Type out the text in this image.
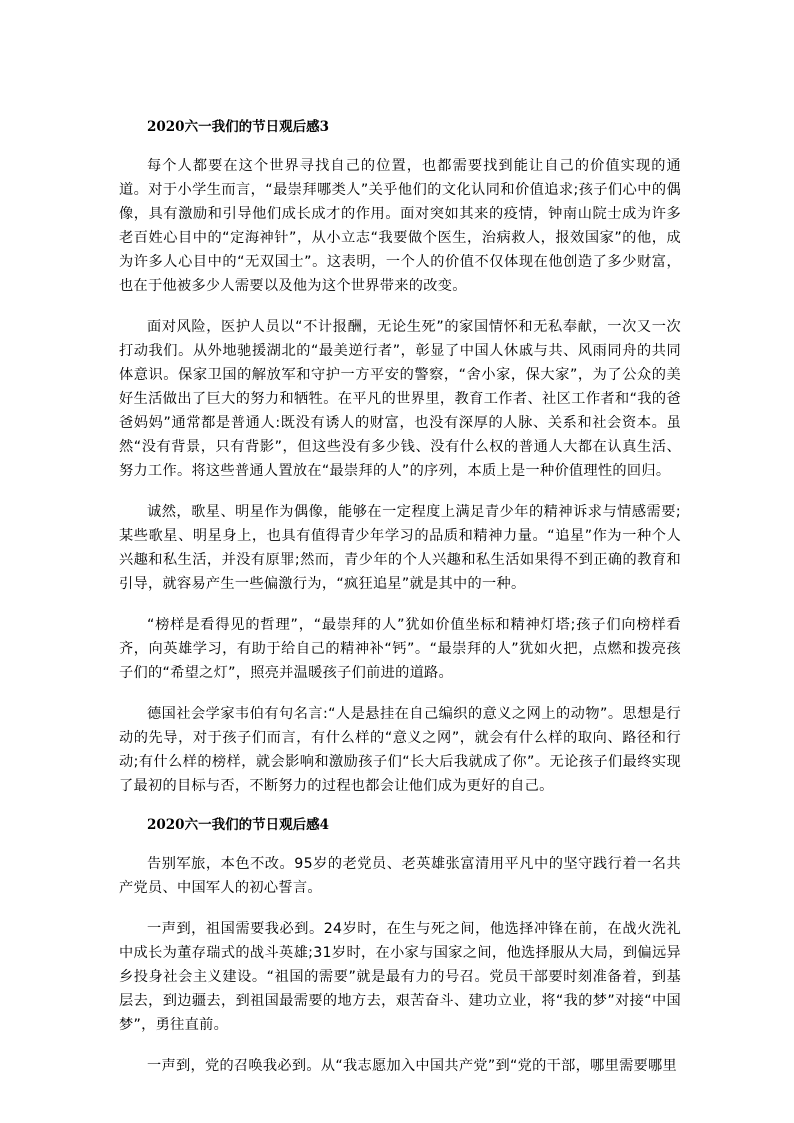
2020六一我们的节日观后感3

每个人都要在这个世界寻找自己的位置，也都需要找到能让自己的价值实现的通道。对于小学生而言，“最崇拜哪类人”关乎他们的文化认同和价值追求;孩子们心中的偶像，具有激励和引导他们成长成才的作用。面对突如其来的疫情，钟南山院士成为许多老百姓心目中的“定海神针”，从小立志“我要做个医生，治病救人，报效国家”的他，成为许多人心目中的“无双国士”。这表明，一个人的价值不仅体现在他创造了多少财富，也在于他被多少人需要以及他为这个世界带来的改变。

面对风险，医护人员以“不计报酬，无论生死”的家国情怀和无私奉献，一次又一次打动我们。从外地驰援湖北的“最美逆行者”，彰显了中国人休戚与共、风雨同舟的共同体意识。保家卫国的解放军和守护一方平安的警察，“舍小家，保大家”，为了公众的美好生活做出了巨大的努力和牺牲。在平凡的世界里，教育工作者、社区工作者和“我的爸爸妈妈”通常都是普通人:既没有诱人的财富，也没有深厚的人脉、关系和社会资本。虽然“没有背景，只有背影”，但这些没有多少钱、没有什么权的普通人大都在认真生活、努力工作。将这些普通人置放在“最崇拜的人”的序列，本质上是一种价值理性的回归。

诚然，歌星、明星作为偶像，能够在一定程度上满足青少年的精神诉求与情感需要;某些歌星、明星身上，也具有值得青少年学习的品质和精神力量。“追星”作为一种个人兴趣和私生活，并没有原罪;然而，青少年的个人兴趣和私生活如果得不到正确的教育和引导，就容易产生一些偏激行为，“疯狂追星”就是其中的一种。

“榜样是看得见的哲理”，“最崇拜的人”犹如价值坐标和精神灯塔;孩子们向榜样看齐，向英雄学习，有助于给自己的精神补“钙”。“最崇拜的人”犹如火把，点燃和拨亮孩子们的“希望之灯”，照亮并温暖孩子们前进的道路。

德国社会学家韦伯有句名言:“人是悬挂在自己编织的意义之网上的动物”。思想是行动的先导，对于孩子们而言，有什么样的“意义之网”，就会有什么样的取向、路径和行动;有什么样的榜样，就会影响和激励孩子们“长大后我就成了你”。无论孩子们最终实现了最初的目标与否，不断努力的过程也都会让他们成为更好的自己。

2020六一我们的节日观后感4

告别军旅，本色不改。95岁的老党员、老英雄张富清用平凡中的坚守践行着一名共产党员、中国军人的初心誓言。

一声到，祖国需要我必到。24岁时，在生与死之间，他选择冲锋在前，在战火洗礼中成长为董存瑞式的战斗英雄;31岁时，在小家与国家之间，他选择服从大局，到偏远异乡投身社会主义建设。“祖国的需要”就是最有力的号召。党员干部要时刻准备着，到基层去，到边疆去，到祖国最需要的地方去，艰苦奋斗、建功立业，将“我的梦”对接“中国梦”，勇往直前。

一声到，党的召唤我必到。从“我志愿加入中国共产党”到“党的干部，哪里需要哪里
